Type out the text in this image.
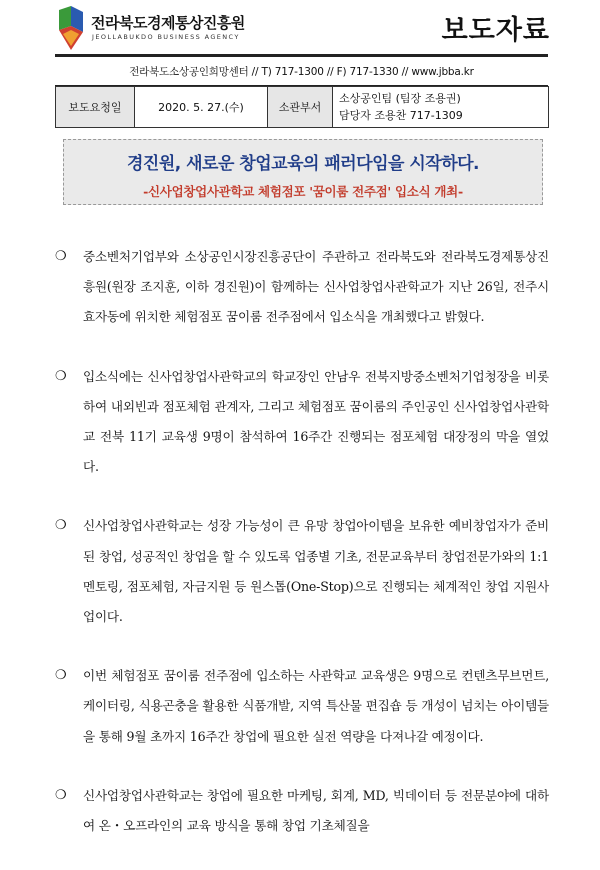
전라북도경제통상진흥원
JEOLLABUKDO BUSINESS AGENCY	보도자료
전라북도소상공인희망센터 // T) 717-1300 // F) 717-1330 // www.jbba.kr
보도요청일	2020. 5. 27.(수)	소관부서	
소상공인팀 (팀장 조용권)
담당자 조용찬 717-1309
경진원, 새로운 창업교육의 패러다임을 시작하다.
-신사업창업사관학교 체험점포 '꿈이룸 전주점' 입소식 개최-
❍	중소벤처기업부와 소상공인시장진흥공단이 주관하고 전라북도와 전라북도경제통상진흥원(원장 조지훈, 이하 경진원)이 함께하는 신사업창업사관학교가 지난 26일, 전주시 효자동에 위치한 체험점포 꿈이룸 전주점에서 입소식을 개최했다고 밝혔다.
❍	입소식에는 신사업창업사관학교의 학교장인 안남우 전북지방중소벤처기업청장을 비롯하여 내외빈과 점포체험 관계자, 그리고 체험점포 꿈이룸의 주인공인 신사업창업사관학교 전북 11기 교육생 9명이 참석하여 16주간 진행되는 점포체험 대장정의 막을 열었다.
❍	신사업창업사관학교는 성장 가능성이 큰 유망 창업아이템을 보유한 예비창업자가 준비된 창업, 성공적인 창업을 할 수 있도록 업종별 기초, 전문교육부터 창업전문가와의 1:1 멘토링, 점포체험, 자금지원 등 원스톱(One-Stop)으로 진행되는 체계적인 창업 지원사업이다.
❍	이번 체험점포 꿈이룸 전주점에 입소하는 사관학교 교육생은 9명으로 컨텐츠무브먼트, 케이터링, 식용곤충을 활용한 식품개발, 지역 특산물 편집숍 등 개성이 넘치는 아이템들을 통해 9월 초까지 16주간 창업에 필요한 실전 역량을 다져나갈 예정이다.
❍	신사업창업사관학교는 창업에 필요한 마케팅, 회계, MD, 빅데이터 등 전문분야에 대하여 온・오프라인의 교육 방식을 통해 창업 기초체질을
